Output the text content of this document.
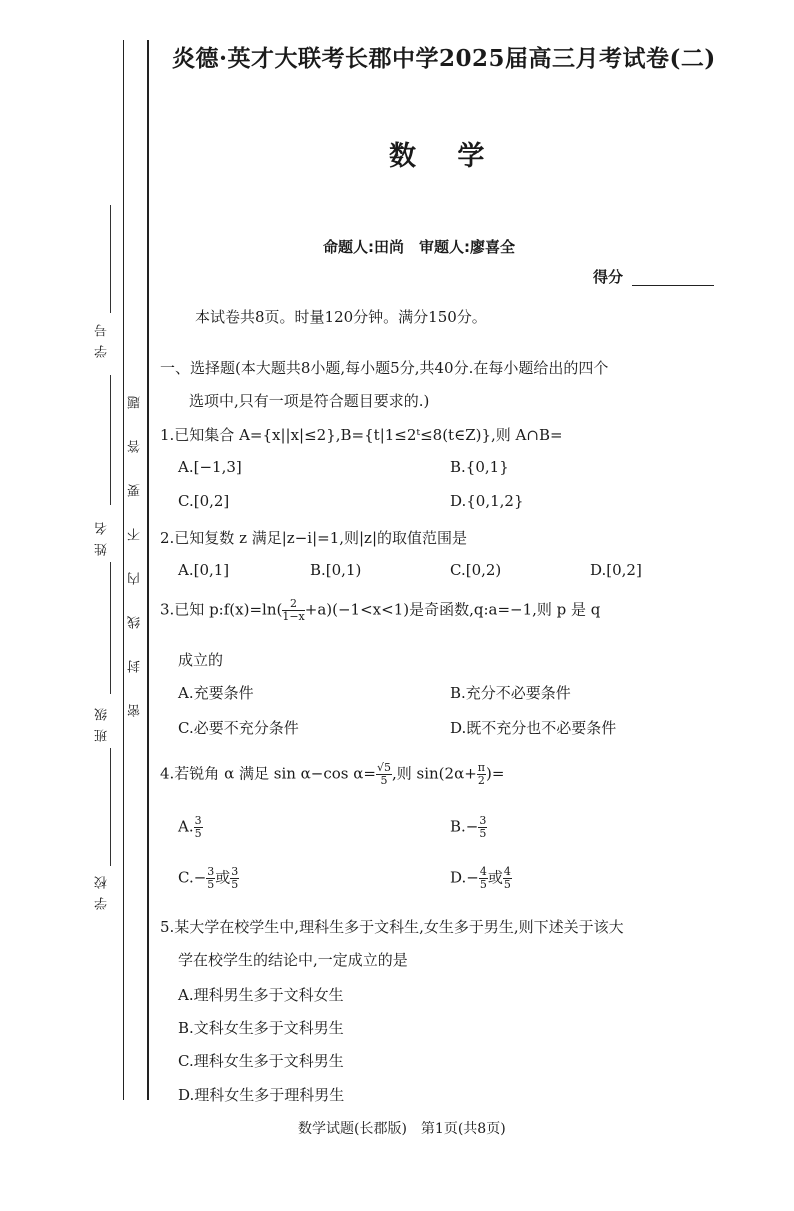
学 号
姓 名
班 级
学 校
题
答
要
不
内
线
封
密
炎德·英才大联考长郡中学2025届高三月考试卷(二)
数 学
命题人:田尚　审题人:廖喜全
得分
本试卷共8页。时量120分钟。满分150分。
一、选择题(本大题共8小题,每小题5分,共40分.在每小题给出的四个
选项中,只有一项是符合题目要求的.)
1.已知集合 A={x||x|≤2},B={t|1≤2ᵗ≤8(t∈Z)},则 A∩B=
A.[−1,3]	B.{0,1}
C.[0,2]	D.{0,1,2}
2.已知复数 z 满足|z−i|=1,则|z|的取值范围是
A.[0,1]	B.[0,1)	C.[0,2)	D.[0,2]
3.已知 p:f(x)=ln( $\frac{2}{1-x} +a)(-1<x<1)$是奇函数,q:a=−1,则 p 是 q
成立的
A.充要条件	B.充分不必要条件
C.必要不充分条件	D.既不充分也不必要条件
4.若锐角 α 满足 sin α−cos $\alpha= \frac{√5}{5}$ ,则 $\sin(2\alpha+ \frac{\pi}{2}$ )=
A. $\frac{3}{5}$	$B.- \frac{3}{5}$
$C.- \frac{3}{5}$ 或 $\frac{3}{5}$	$D.- \frac{4}{5}$ 或 $\frac{4}{5}$
5.某大学在校学生中,理科生多于文科生,女生多于男生,则下述关于该大
学在校学生的结论中,一定成立的是
A.理科男生多于文科女生
B.文科女生多于文科男生
C.理科女生多于文科男生
D.理科女生多于理科男生
数学试题(长郡版)　第1页(共8页)
